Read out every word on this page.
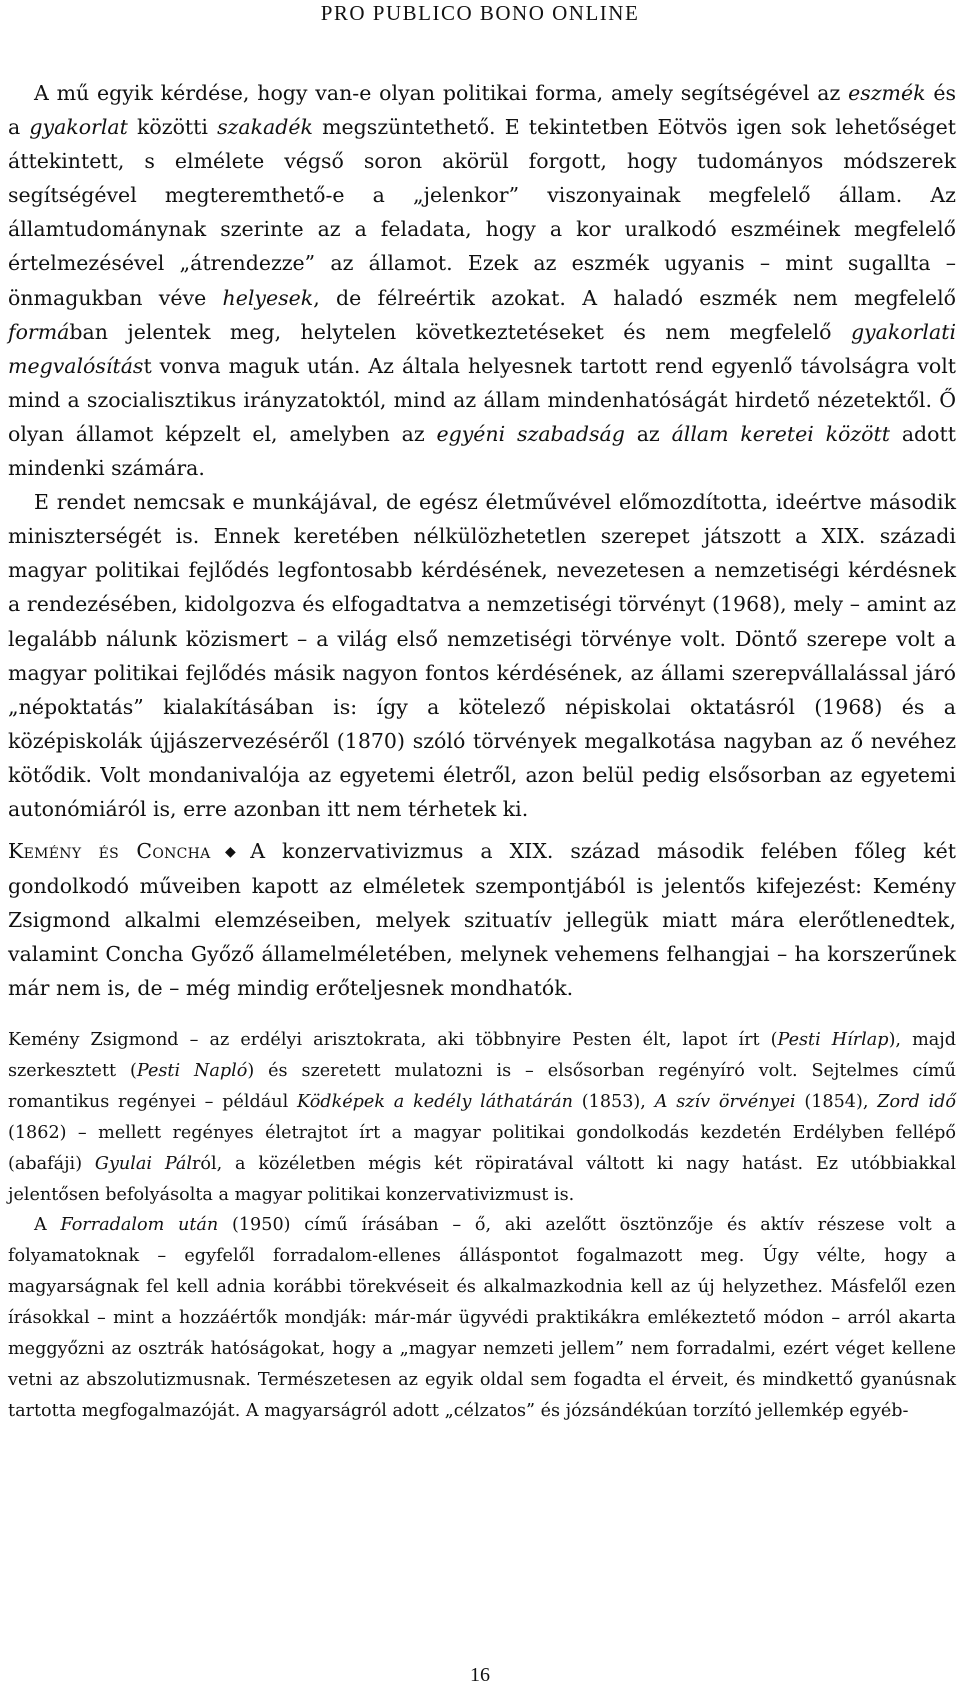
PRO PUBLICO BONO ONLINE

A mű egyik kérdése, hogy van-e olyan politikai forma, amely segítségével az eszmék és a gyakorlat közötti szakadék megszüntethető. E tekintetben Eötvös igen sok lehetőséget áttekintett, s elmélete végső soron akörül forgott, hogy tudományos módszerek segítségével megteremthető-e a „jelenkor” viszonyainak megfelelő állam. Az államtudománynak szerinte az a feladata, hogy a kor uralkodó eszméinek megfelelő értelmezésével „átrendezze” az államot. Ezek az eszmék ugyanis – mint sugallta – önmagukban véve helyesek, de félreértik azokat. A haladó eszmék nem megfelelő formában jelentek meg, helytelen következtetéseket és nem megfelelő gyakorlati megvalósítást vonva maguk után. Az általa helyesnek tartott rend egyenlő távolságra volt mind a szocialisztikus irányzatoktól, mind az állam mindenhatóságát hirdető nézetektől. Ő olyan államot képzelt el, amelyben az egyéni szabadság az állam keretei között adott mindenki számára.

E rendet nemcsak e munkájával, de egész életművével előmozdította, ideértve második miniszterségét is. Ennek keretében nélkülözhetetlen szerepet játszott a XIX. századi magyar politikai fejlődés legfontosabb kérdésének, nevezetesen a nemzetiségi kérdésnek a rendezésében, kidolgozva és elfogadtatva a nemzetiségi törvényt (1968), mely – amint az legalább nálunk közismert – a világ első nemzetiségi törvénye volt. Döntő szerepe volt a magyar politikai fejlődés másik nagyon fontos kérdésének, az állami szerepvállalással járó „népoktatás” kialakításában is: így a kötelező népiskolai oktatásról (1968) és a középiskolák újjászervezéséről (1870) szóló törvények megalkotása nagyban az ő nevéhez kötődik. Volt mondanivalója az egyetemi életről, azon belül pedig elsősorban az egyetemi autonómiáról is, erre azonban itt nem térhetek ki.

Kemény és Concha ◆ A konzervativizmus a XIX. század második felében főleg két gondolkodó műveiben kapott az elméletek szempontjából is jelentős kifejezést: Kemény Zsigmond alkalmi elemzéseiben, melyek szituatív jellegük miatt mára elerőtlenedtek, valamint Concha Győző államelméletében, melynek vehemens felhangjai – ha korszerűnek már nem is, de – még mindig erőteljesnek mondhatók.

Kemény Zsigmond – az erdélyi arisztokrata, aki többnyire Pesten élt, lapot írt (Pesti Hírlap), majd szerkesztett (Pesti Napló) és szeretett mulatozni is – elsősorban regényíró volt. Sejtelmes című romantikus regényei – például Ködképek a kedély láthatárán (1853), A szív örvényei (1854), Zord idő (1862) – mellett regényes életrajtot írt a magyar politikai gondolkodás kezdetén Erdélyben fellépő (abafáji) Gyulai Pálról, a közéletben mégis két röpiratával váltott ki nagy hatást. Ez utóbbiakkal jelentősen befolyásolta a magyar politikai konzervativizmust is.

A Forradalom után (1950) című írásában – ő, aki azelőtt ösztönzője és aktív részese volt a folyamatoknak – egyfelől forradalom-ellenes álláspontot fogalmazott meg. Úgy vélte, hogy a magyarságnak fel kell adnia korábbi törekvéseit és alkalmazkodnia kell az új helyzethez. Másfelől ezen írásokkal – mint a hozzáértők mondják: már-már ügyvédi praktikákra emlékeztető módon – arról akarta meggyőzni az osztrák hatóságokat, hogy a „magyar nemzeti jellem” nem forradalmi, ezért véget kellene vetni az abszolutizmusnak. Természetesen az egyik oldal sem fogadta el érveit, és mindkettő gyanúsnak tartotta megfogalmazóját. A magyarságról adott „célzatos” és józsándékúan torzító jellemkép egyéb-

16
